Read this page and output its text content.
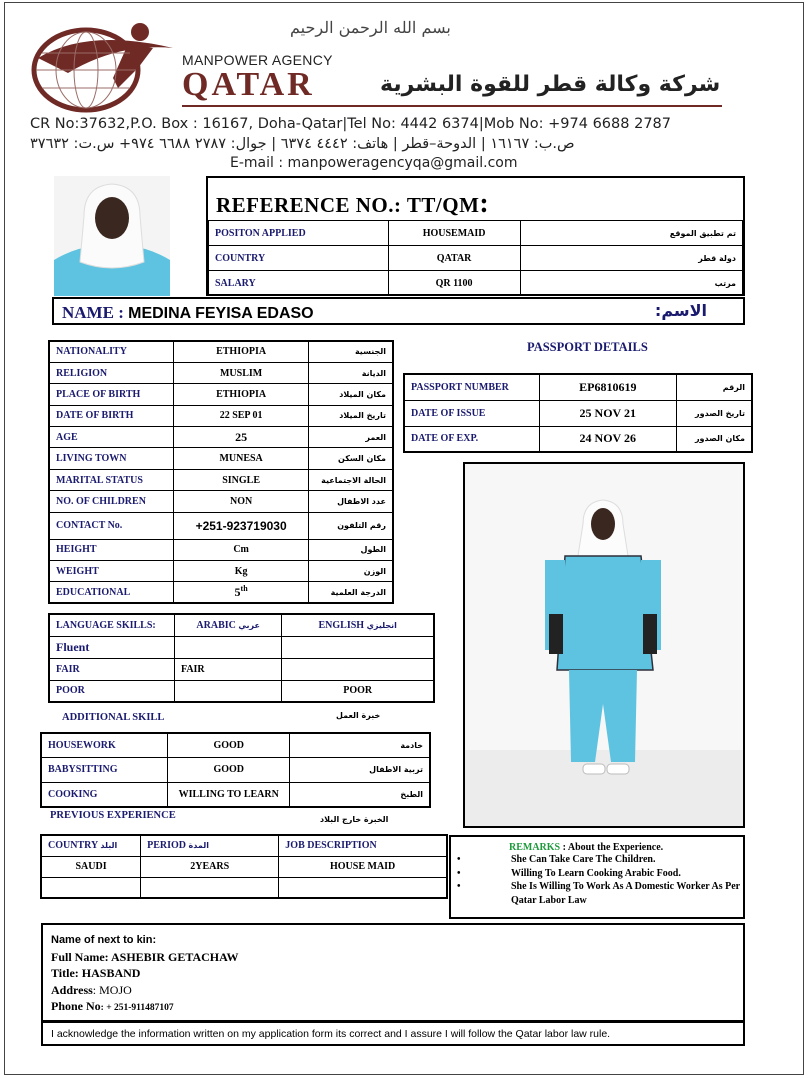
بسم الله الرحمن الرحيم
MANPOWER AGENCY
QATAR	شركة وكالة قطر للقوة البشرية
CR No:37632,P.O. Box : 16167, Doha-Qatar|Tel No: 4442 6374|Mob No: +974 6688 2787
ص.ب: ١٦١٦٧ | الدوحة–قطر | هاتف: ٤٤٤٢ ٦٣٧٤ | جوال: ٢٧٨٧ ٦٦٨٨ ٩٧٤+ س.ت: ٣٧٦٣٢
E-mail : manpoweragencyqa@gmail.com
REFERENCE NO.: TT/QM:
POSITON APPLIED	HOUSEMAID	تم تطبيق الموقع
COUNTRY	QATAR	دولة قطر
SALARY	QR 1100	مرتب
NAME : MEDINA FEYISA EDASO	الاسم:
NATIONALITY	ETHIOPIA	الجنسية
RELIGION	MUSLIM	الديانة
PLACE OF BIRTH	ETHIOPIA	مكان الميلاد
DATE OF BIRTH	22 SEP 01	تاريخ الميلاد
AGE	25	العمر
LIVING TOWN	MUNESA	مكان السكن
MARITAL STATUS	SINGLE	الحالة الاجتماعية
NO. OF CHILDREN	NON	عدد الاطفال
CONTACT No.	+251-923719030	رقم التلفون
HEIGHT	Cm	الطول
WEIGHT	Kg	الوزن
EDUCATIONAL	5th	الدرجة العلمية
PASSPORT DETAILS
PASSPORT NUMBER	EP6810619	الرقم
DATE OF ISSUE	25 NOV 21	تاريخ الصدور
DATE OF EXP.	24 NOV 26	مكان الصدور
LANGUAGE SKILLS:	ARABIC عربي	ENGLISH انجليزي
Fluent		
FAIR	FAIR	
POOR		POOR
ADDITIONAL SKILL	خبرة العمل
HOUSEWORK	GOOD	خادمة
BABYSITTING	GOOD	تربية الاطفال
COOKING	WILLING TO LEARN	الطبخ
PREVIOUS EXPERIENCE	الخبرة خارج البلاد
COUNTRY البلد	PERIOD المدة	JOB DESCRIPTION
SAUDI	2YEARS	HOUSE MAID

REMARKS : About the Experience.
• She Can Take Care The Children.
• Willing To Learn Cooking Arabic Food.
• She Is Willing To Work As A Domestic Worker As Per Qatar Labor Law
Name of next to kin:
Full Name: ASHEBIR GETACHAW
Title: HASBAND
Address: MOJO
Phone No: + 251-911487107
I acknowledge the information written on my application form its correct and I assure I will follow the Qatar labor law rule.
